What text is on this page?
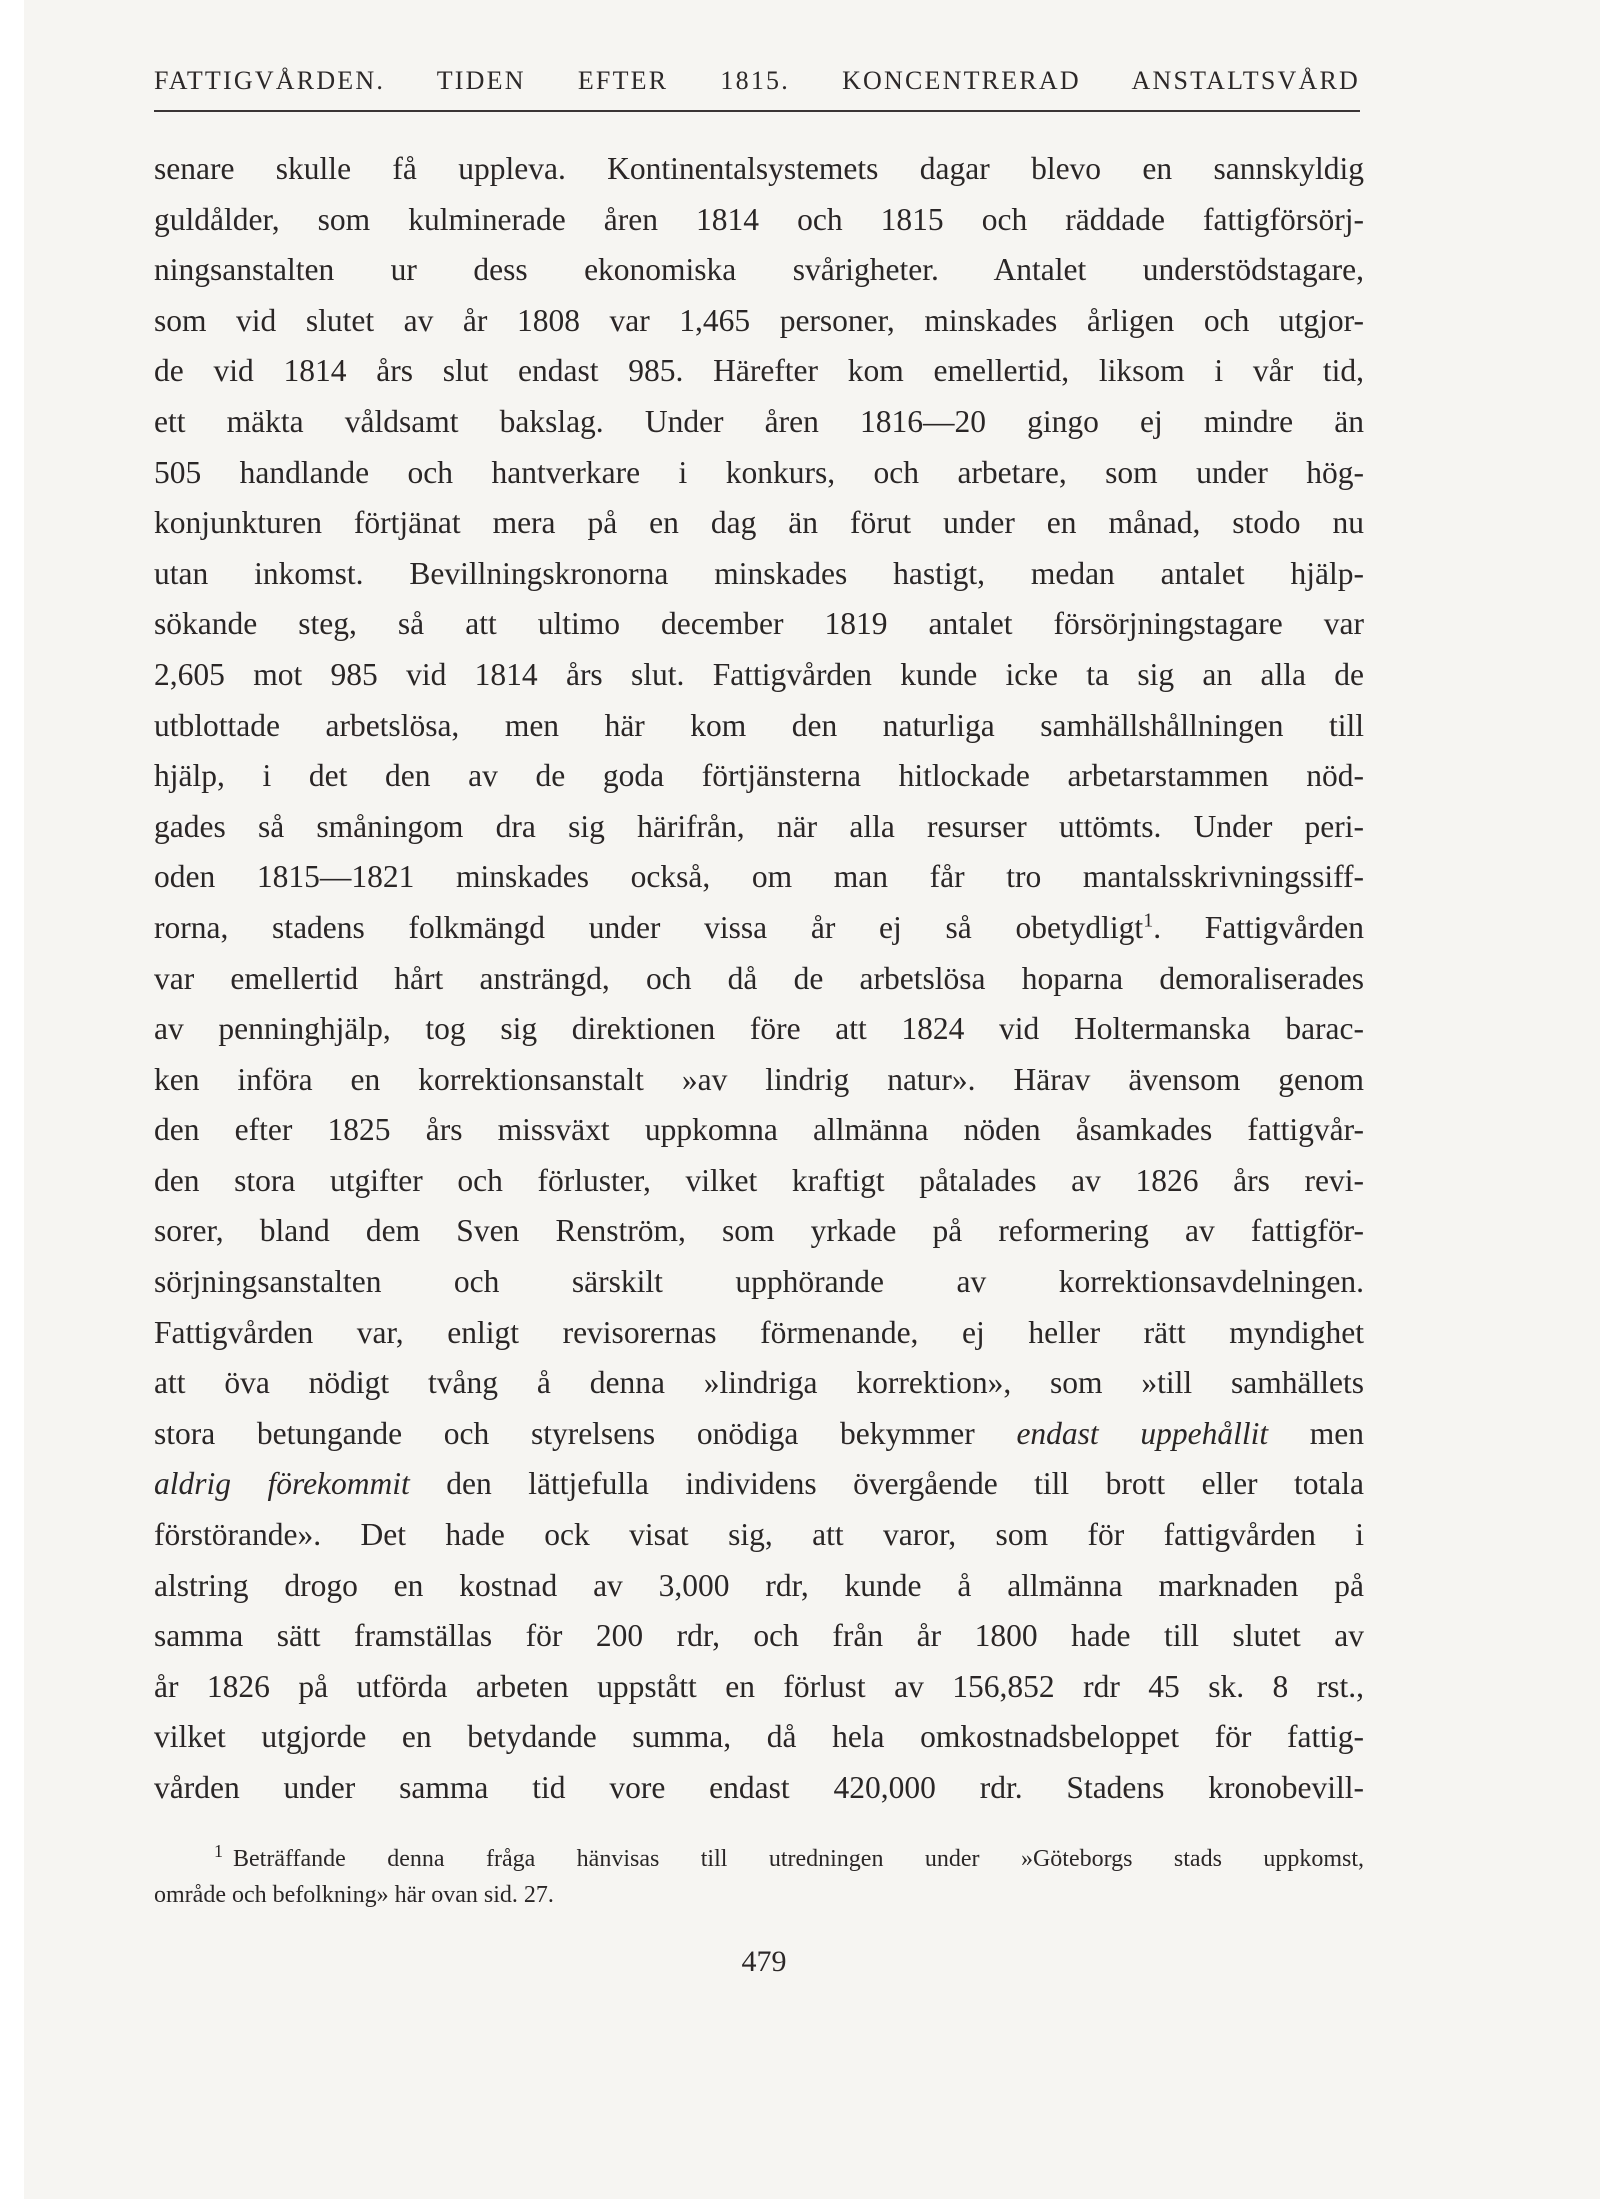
FATTIGVÅRDEN. TIDEN EFTER 1815. KONCENTRERAD ANSTALTSVÅRD
senare skulle få uppleva. Kontinentalsystemets dagar blevo en sannskyldig
guldålder, som kulminerade åren 1814 och 1815 och räddade fattigförsörj-
ningsanstalten ur dess ekonomiska svårigheter. Antalet understödstagare,
som vid slutet av år 1808 var 1,465 personer, minskades årligen och utgjor-
de vid 1814 års slut endast 985. Härefter kom emellertid, liksom i vår tid,
ett mäkta våldsamt bakslag. Under åren 1816—20 gingo ej mindre än
505 handlande och hantverkare i konkurs, och arbetare, som under hög-
konjunkturen förtjänat mera på en dag än förut under en månad, stodo nu
utan inkomst. Bevillningskronorna minskades hastigt, medan antalet hjälp-
sökande steg, så att ultimo december 1819 antalet försörjningstagare var
2,605 mot 985 vid 1814 års slut. Fattigvården kunde icke ta sig an alla de
utblottade arbetslösa, men här kom den naturliga samhällshållningen till
hjälp, i det den av de goda förtjänsterna hitlockade arbetarstammen nöd-
gades så småningom dra sig härifrån, när alla resurser uttömts. Under peri-
oden 1815—1821 minskades också, om man får tro mantalsskrivningssiff-
rorna, stadens folkmängd under vissa år ej så obetydligt$^1$. Fattigvården
var emellertid hårt ansträngd, och då de arbetslösa hoparna demoraliserades
av penninghjälp, tog sig direktionen före att 1824 vid Holtermanska barac-
ken införa en korrektionsanstalt »av lindrig natur». Härav ävensom genom
den efter 1825 års missväxt uppkomna allmänna nöden åsamkades fattigvår-
den stora utgifter och förluster, vilket kraftigt påtalades av 1826 års revi-
sorer, bland dem Sven Renström, som yrkade på reformering av fattigför-
sörjningsanstalten och särskilt upphörande av korrektionsavdelningen.
Fattigvården var, enligt revisorernas förmenande, ej heller rätt myndighet
att öva nödigt tvång å denna »lindriga korrektion», som »till samhällets
stora betungande och styrelsens onödiga bekymmer endast uppehållit men
aldrig förekommit den lättjefulla individens övergående till brott eller totala
förstörande». Det hade ock visat sig, att varor, som för fattigvården i
alstring drogo en kostnad av 3,000 rdr, kunde å allmänna marknaden på
samma sätt framställas för 200 rdr, och från år 1800 hade till slutet av
år 1826 på utförda arbeten uppstått en förlust av 156,852 rdr 45 sk. 8 rst.,
vilket utgjorde en betydande summa, då hela omkostnadsbeloppet för fattig-
vården under samma tid vore endast 420,000 rdr. Stadens kronobevill-
$^1$ Beträffande denna fråga hänvisas till utredningen under »Göteborgs stads uppkomst,
område och befolkning» här ovan sid. 27.
479
